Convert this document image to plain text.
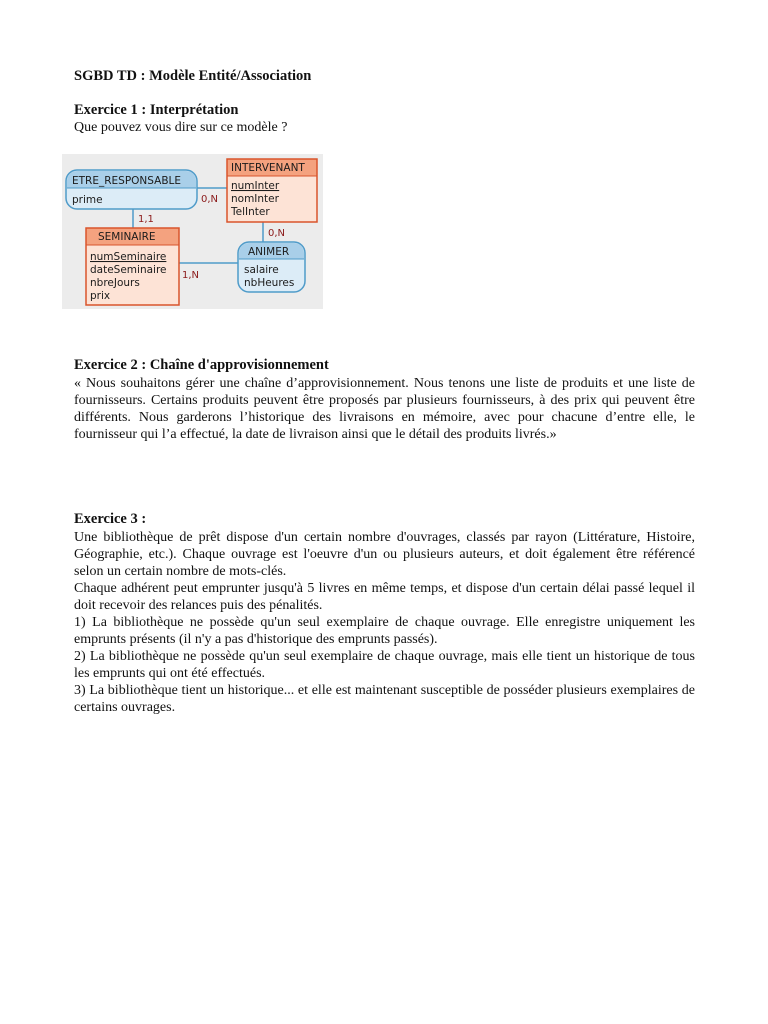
SGBD TD : Modèle Entité/Association
Exercice 1 : Interprétation
Que pouvez vous dire sur ce modèle ?
ETRE_RESPONSABLE
prime
INTERVENANT
numInter
nomInter
TelInter
SEMINAIRE
numSeminaire
dateSeminaire
nbreJours
prix
ANIMER
salaire
nbHeures
0,N
1,1
0,N
1,N
Exercice 2 : Chaîne d'approvisionnement

« Nous souhaitons gérer une chaîne d’approvisionnement. Nous tenons une liste de produits et une liste de fournisseurs. Certains produits peuvent être proposés par plusieurs fournisseurs, à des prix qui peuvent être différents. Nous garderons l’historique des livraisons en mémoire, avec pour chacune d’entre elle, le fournisseur qui l’a effectué, la date de livraison ainsi que le détail des produits livrés.»

Exercice 3 :

Une bibliothèque de prêt dispose d'un certain nombre d'ouvrages, classés par rayon (Littérature, Histoire, Géographie, etc.). Chaque ouvrage est l'oeuvre d'un ou plusieurs auteurs, et doit également être référencé selon un certain nombre de mots-clés.

Chaque adhérent peut emprunter jusqu'à 5 livres en même temps, et dispose d'un certain délai passé lequel il doit recevoir des relances puis des pénalités.

1) La bibliothèque ne possède qu'un seul exemplaire de chaque ouvrage. Elle enregistre uniquement les emprunts présents (il n'y a pas d'historique des emprunts passés).

2) La bibliothèque ne possède qu'un seul exemplaire de chaque ouvrage, mais elle tient un historique de tous les emprunts qui ont été effectués.

3) La bibliothèque tient un historique... et elle est maintenant susceptible de posséder plusieurs exemplaires de certains ouvrages.
